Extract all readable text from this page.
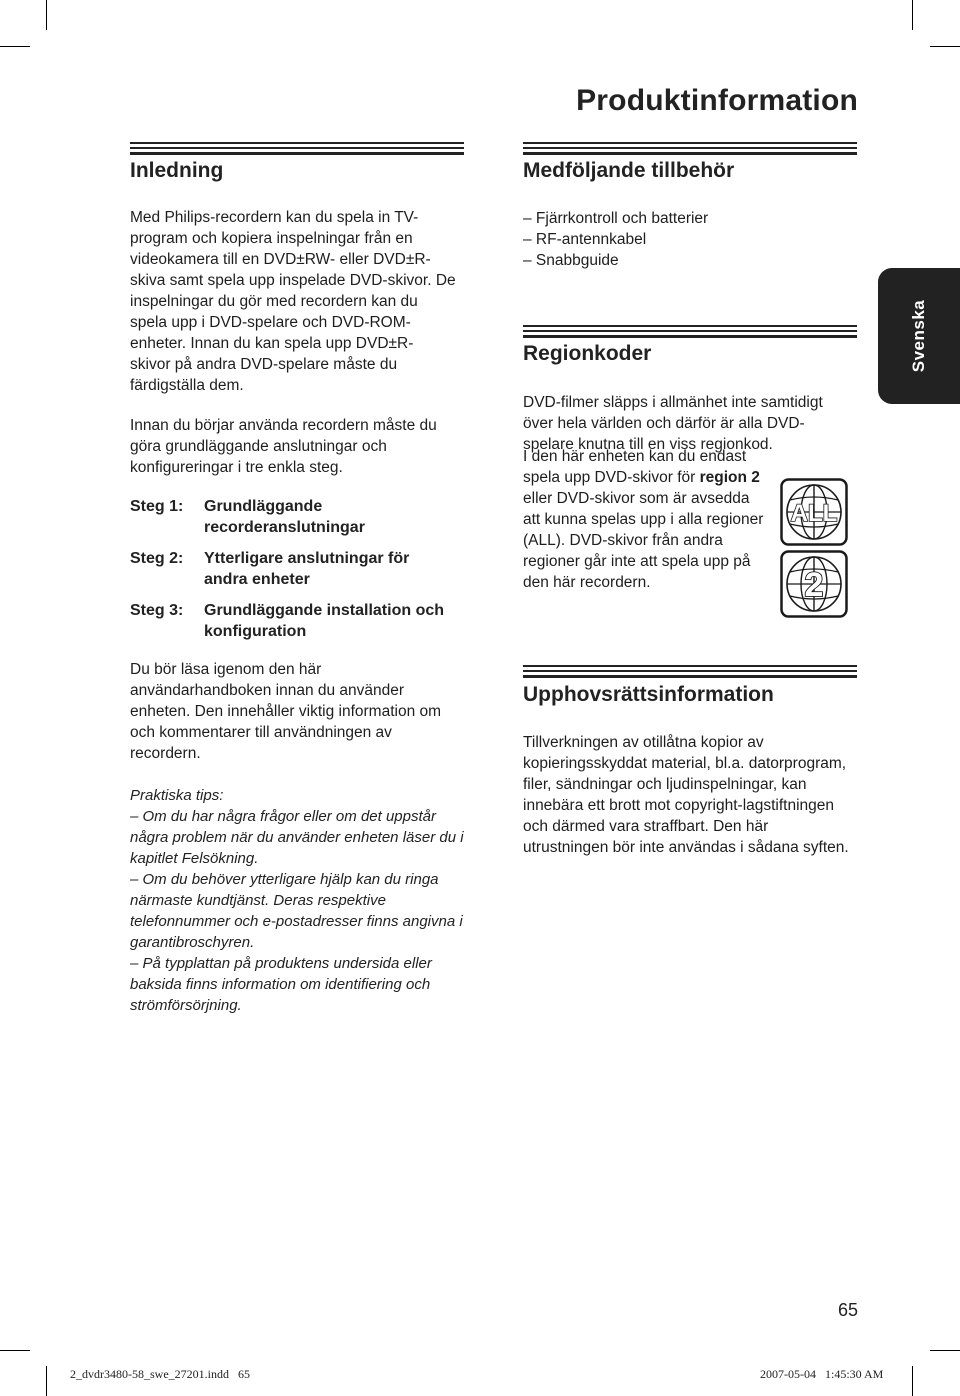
Produktinformation
Svenska
Inledning

Med Philips-recordern kan du spela in TV-

program och kopiera inspelningar från en

videokamera till en DVD±RW- eller DVD±R-

skiva samt spela upp inspelade DVD-skivor. De

inspelningar du gör med recordern kan du

spela upp i DVD-spelare och DVD-ROM-

enheter. Innan du kan spela upp DVD±R-

skivor på andra DVD-spelare måste du

färdigställa dem.

Innan du börjar använda recordern måste du

göra grundläggande anslutningar och

konfigureringar i tre enkla steg.

Steg 1:	Grundläggande
recorderanslutningar
Steg 2:	Ytterligare anslutningar för
andra enheter
Steg 3:	Grundläggande installation och
konfiguration

Du bör läsa igenom den här

användarhandboken innan du använder

enheten. Den innehåller viktig information om

och kommentarer till användningen av

recordern.

Praktiska tips:

– Om du har några frågor eller om det uppstår

några problem när du använder enheten läser du i

kapitlet Felsökning.

– Om du behöver ytterligare hjälp kan du ringa

närmaste kundtjänst. Deras respektive

telefonnummer och e-postadresser finns angivna i

garantibroschyren.

– På typplattan på produktens undersida eller

baksida finns information om identifiering och

strömförsörjning.

Medföljande tillbehör
– Fjärrkontroll och batterier
– RF-antennkabel
– Snabbguide
Regionkoder

DVD-filmer släpps i allmänhet inte samtidigt

över hela världen och därför är alla DVD-

spelare knutna till en viss regionkod.

I den här enheten kan du endast

spela upp DVD-skivor för region 2

eller DVD-skivor som är avsedda

att kunna spelas upp i alla regioner

(ALL). DVD-skivor från andra

regioner går inte att spela upp på

den här recordern.

ALL
2
Upphovsrättsinformation

Tillverkningen av otillåtna kopior av

kopieringsskyddat material, bl.a. datorprogram,

filer, sändningar och ljudinspelningar, kan

innebära ett brott mot copyright-lagstiftningen

och därmed vara straffbart. Den här

utrustningen bör inte användas i sådana syften.

65
2_dvdr3480-58_swe_27201.indd   65	2007-05-04   1:45:30 AM
